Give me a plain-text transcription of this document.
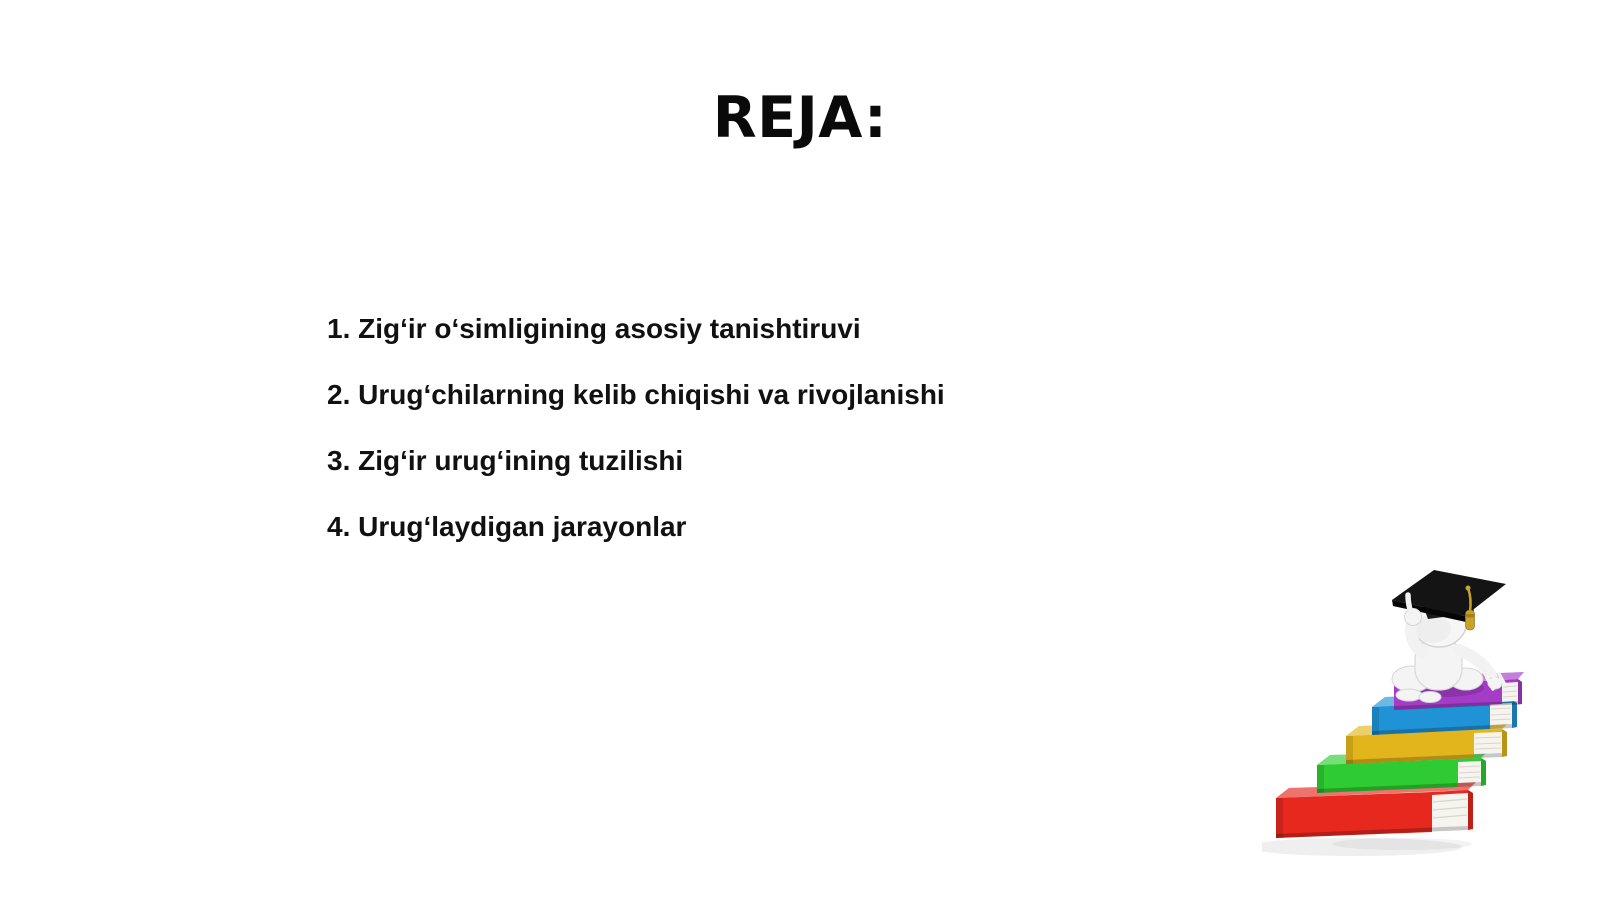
REJA:
1. Zig‘ir o‘simligining asosiy tanishtiruvi
2. Urug‘chilarning kelib chiqishi va rivojlanishi
3. Zig‘ir urug‘ining tuzilishi
4. Urug‘laydigan jarayonlar
